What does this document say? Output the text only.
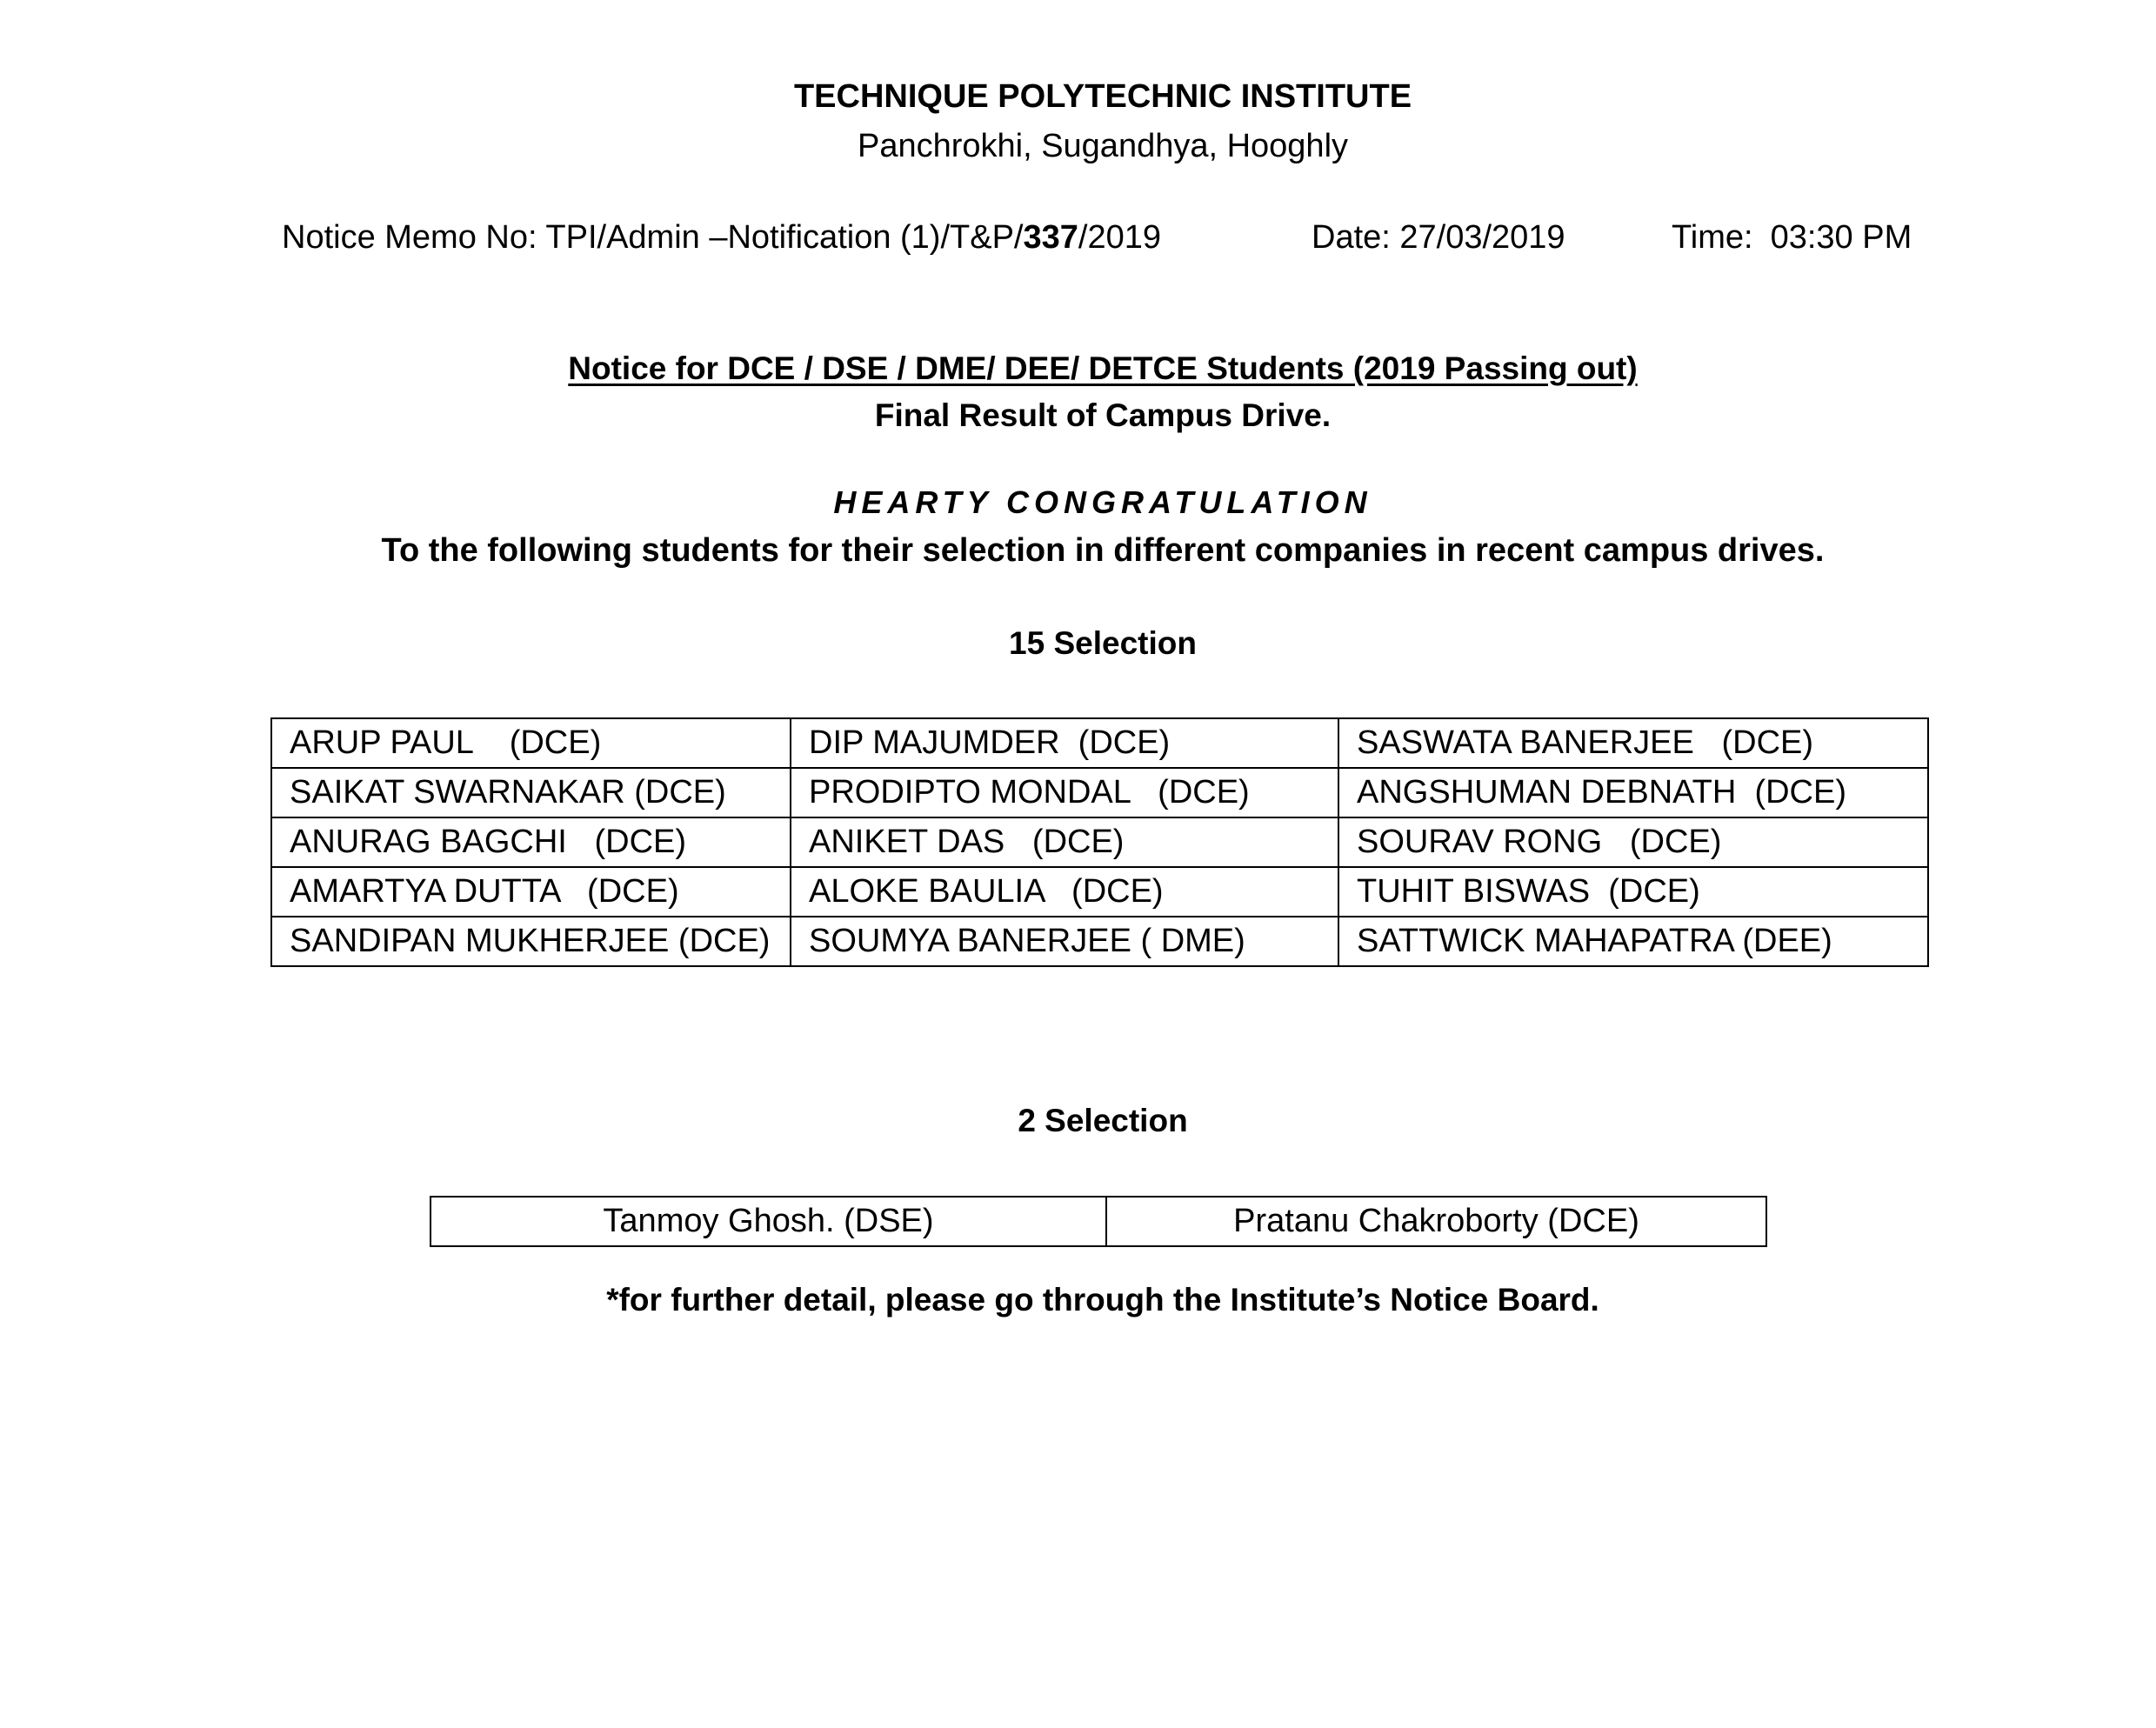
TECHNIQUE POLYTECHNIC INSTITUTE
Panchrokhi, Sugandhya, Hooghly
Notice Memo No: TPI/Admin –Notification (1)/T&P/337/2019	Date: 27/03/2019	Time: 03:30 PM
Notice for DCE / DSE / DME/ DEE/ DETCE Students (2019 Passing out)
Final Result of Campus Drive.
HEARTY CONGRATULATION
To the following students for their selection in different companies in recent campus drives.
15 Selection
ARUP PAUL    (DCE)	DIP MAJUMDER  (DCE)	SASWATA BANERJEE   (DCE)
SAIKAT SWARNAKAR (DCE)	PRODIPTO MONDAL   (DCE)	ANGSHUMAN DEBNATH  (DCE)
ANURAG BAGCHI   (DCE)	ANIKET DAS   (DCE)	SOURAV RONG   (DCE)
AMARTYA DUTTA   (DCE)	ALOKE BAULIA   (DCE)	TUHIT BISWAS  (DCE)
SANDIPAN MUKHERJEE (DCE)	SOUMYA BANERJEE ( DME)	SATTWICK MAHAPATRA (DEE)
2 Selection
Tanmoy Ghosh. (DSE)	Pratanu Chakroborty (DCE)
*for further detail, please go through the Institute’s Notice Board.
